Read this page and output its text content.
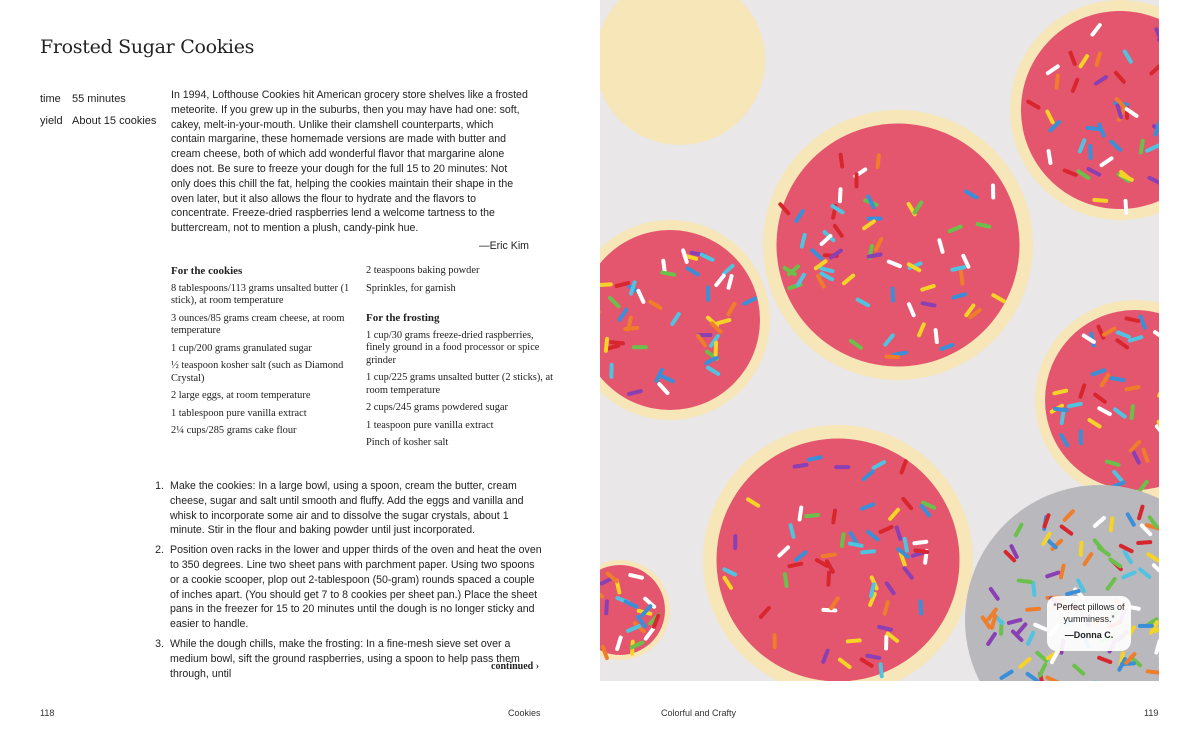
Frosted Sugar Cookies
time 55 minutes
yield About 15 cookies

In 1994, Lofthouse Cookies hit American grocery store shelves like a frosted meteorite. If you grew up in the suburbs, then you may have had one: soft, cakey, melt-in-your-mouth. Unlike their clamshell counterparts, which contain margarine, these homemade versions are made with butter and cream cheese, both of which add wonderful flavor that margarine alone does not. Be sure to freeze your dough for the full 15 to 20 minutes: Not only does this chill the fat, helping the cookies maintain their shape in the oven later, but it also allows the flour to hydrate and the flavors to concentrate. Freeze-dried raspberries lend a welcome tartness to the buttercream, not to mention a plush, candy-pink hue.

—Eric Kim

For the cookies

8 tablespoons/113 grams unsalted butter (1 stick), at room temperature

3 ounces/85 grams cream cheese, at room temperature

1 cup/200 grams granulated sugar

½ teaspoon kosher salt (such as Diamond Crystal)

2 large eggs, at room temperature

1 tablespoon pure vanilla extract

2¼ cups/285 grams cake flour

2 teaspoons baking powder

Sprinkles, for garnish

For the frosting

1 cup/30 grams freeze-dried raspberries, finely ground in a food processor or spice grinder

1 cup/225 grams unsalted butter (2 sticks), at room temperature

2 cups/245 grams powdered sugar

1 teaspoon pure vanilla extract

Pinch of kosher salt

1. Make the cookies: In a large bowl, using a spoon, cream the butter, cream cheese, sugar and salt until smooth and fluffy. Add the eggs and vanilla and whisk to incorporate some air and to dissolve the sugar crystals, about 1 minute. Stir in the flour and baking powder until just incorporated.
2. Position oven racks in the lower and upper thirds of the oven and heat the oven to 350 degrees. Line two sheet pans with parchment paper. Using two spoons or a cookie scooper, plop out 2-tablespoon (50-gram) rounds spaced a couple of inches apart. (You should get 7 to 8 cookies per sheet pan.) Place the sheet pans in the freezer for 15 to 20 minutes until the dough is no longer sticky and easier to handle.
3. While the dough chills, make the frosting: In a fine-mesh sieve set over a medium bowl, sift the ground raspberries, using a spoon to help pass them through, until
continued ›
“Perfect pillows of yumminess.”
—Donna C.
118	Cookies	Colorful and Crafty	119
